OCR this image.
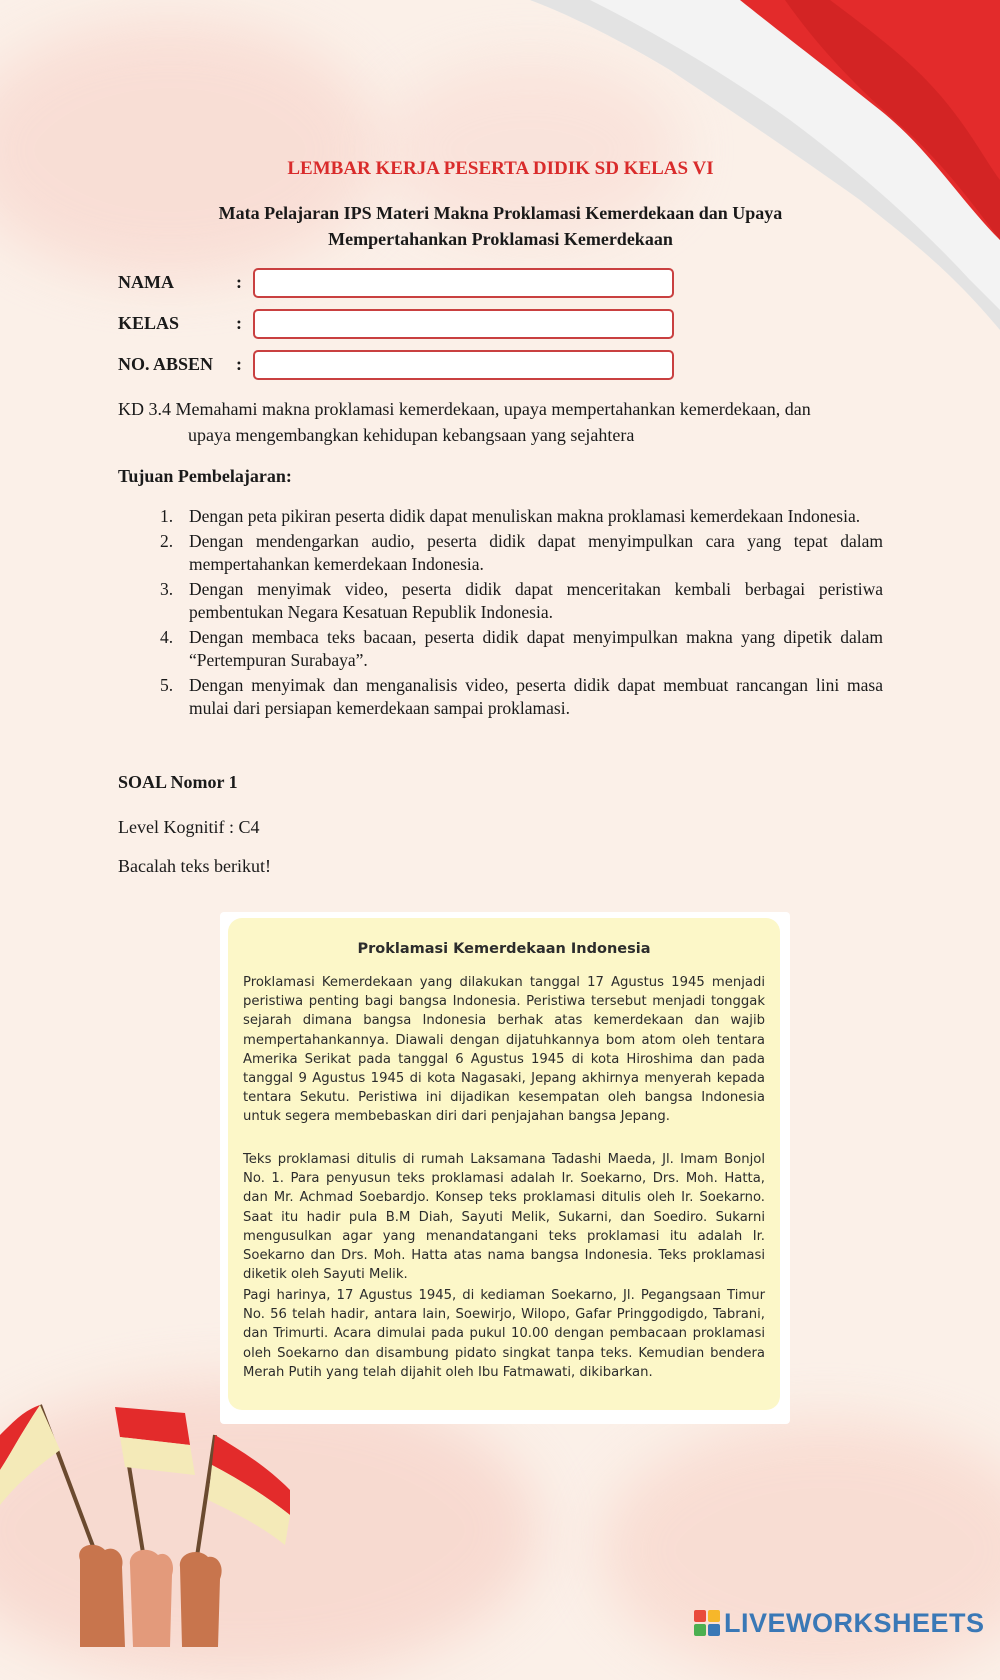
LEMBAR KERJA PESERTA DIDIK SD KELAS VI
Mata Pelajaran IPS Materi Makna Proklamasi Kemerdekaan dan Upaya Mempertahankan Proklamasi Kemerdekaan
NAMA	:
KELAS	:
NO. ABSEN :
KD 3.4 Memahami makna proklamasi kemerdekaan, upaya mempertahankan kemerdekaan, dan
upaya mengembangkan kehidupan kebangsaan yang sejahtera
Tujuan Pembelajaran:
1. Dengan peta pikiran peserta didik dapat menuliskan makna proklamasi kemerdekaan Indonesia.
2. Dengan mendengarkan audio, peserta didik dapat menyimpulkan cara yang tepat dalam mempertahankan kemerdekaan Indonesia.
3. Dengan menyimak video, peserta didik dapat menceritakan kembali berbagai peristiwa pembentukan Negara Kesatuan Republik Indonesia.
4. Dengan membaca teks bacaan, peserta didik dapat menyimpulkan makna yang dipetik dalam “Pertempuran Surabaya”.
5. Dengan menyimak dan menganalisis video, peserta didik dapat membuat rancangan lini masa mulai dari persiapan kemerdekaan sampai proklamasi.
SOAL Nomor 1
Level Kognitif : C4
Bacalah teks berikut!
Proklamasi Kemerdekaan Indonesia
Proklamasi Kemerdekaan yang dilakukan tanggal 17 Agustus 1945 menjadi peristiwa penting bagi bangsa Indonesia. Peristiwa tersebut menjadi tonggak sejarah dimana bangsa Indonesia berhak atas kemerdekaan dan wajib mempertahankannya. Diawali dengan dijatuhkannya bom atom oleh tentara Amerika Serikat pada tanggal 6 Agustus 1945 di kota Hiroshima dan pada tanggal 9 Agustus 1945 di kota Nagasaki, Jepang akhirnya menyerah kepada tentara Sekutu. Peristiwa ini dijadikan kesempatan oleh bangsa Indonesia untuk segera membebaskan diri dari penjajahan bangsa Jepang.
Teks proklamasi ditulis di rumah Laksamana Tadashi Maeda, Jl. Imam Bonjol No. 1. Para penyusun teks proklamasi adalah Ir. Soekarno, Drs. Moh. Hatta, dan Mr. Achmad Soebardjo. Konsep teks proklamasi ditulis oleh Ir. Soekarno. Saat itu hadir pula B.M Diah, Sayuti Melik, Sukarni, dan Soediro. Sukarni mengusulkan agar yang menandatangani teks proklamasi itu adalah Ir. Soekarno dan Drs. Moh. Hatta atas nama bangsa Indonesia. Teks proklamasi diketik oleh Sayuti Melik.
Pagi harinya, 17 Agustus 1945, di kediaman Soekarno, Jl. Pegangsaan Timur No. 56 telah hadir, antara lain, Soewirjo, Wilopo, Gafar Pringgodigdo, Tabrani, dan Trimurti. Acara dimulai pada pukul 10.00 dengan pembacaan proklamasi oleh Soekarno dan disambung pidato singkat tanpa teks. Kemudian bendera Merah Putih yang telah dijahit oleh Ibu Fatmawati, dikibarkan.
LIVEWORKSHEETS
